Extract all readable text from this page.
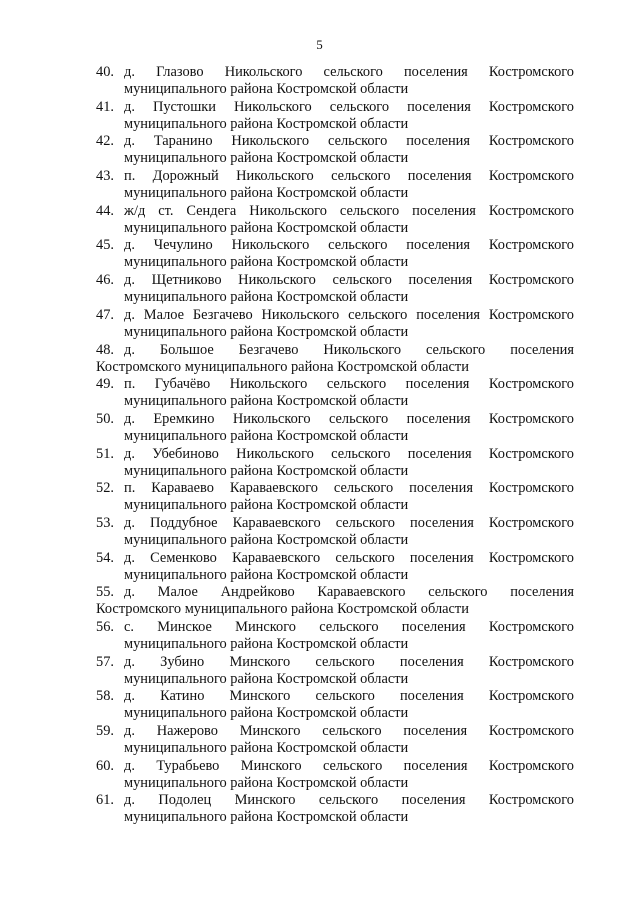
5
40. д. Глазово Никольского сельского поселения Костромского
муниципального района Костромской области
41. д. Пустошки Никольского сельского поселения Костромского
муниципального района Костромской области
42. д. Таранино Никольского сельского поселения Костромского
муниципального района Костромской области
43. п. Дорожный Никольского сельского поселения Костромского
муниципального района Костромской области
44. ж/д ст. Сендега Никольского сельского поселения Костромского
муниципального района Костромской области
45. д. Чечулино Никольского сельского поселения Костромского
муниципального района Костромской области
46. д. Щетниково Никольского сельского поселения Костромского
муниципального района Костромской области
47. д. Малое Безгачево Никольского сельского поселения Костромского
муниципального района Костромской области
48. д. Большое Безгачево Никольского сельского поселения
Костромского муниципального района Костромской области
49. п. Губачёво Никольского сельского поселения Костромского
муниципального района Костромской области
50. д. Еремкино Никольского сельского поселения Костромского
муниципального района Костромской области
51. д. Убебиново Никольского сельского поселения Костромского
муниципального района Костромской области
52. п. Караваево Караваевского сельского поселения Костромского
муниципального района Костромской области
53. д. Поддубное Караваевского сельского поселения Костромского
муниципального района Костромской области
54. д. Семенково Караваевского сельского поселения Костромского
муниципального района Костромской области
55. д. Малое Андрейково Караваевского сельского поселения
Костромского муниципального района Костромской области
56. с. Минское Минского сельского поселения Костромского
муниципального района Костромской области
57. д. Зубино Минского сельского поселения Костромского
муниципального района Костромской области
58. д. Катино Минского сельского поселения Костромского
муниципального района Костромской области
59. д. Нажерово Минского сельского поселения Костромского
муниципального района Костромской области
60. д. Турабьево Минского сельского поселения Костромского
муниципального района Костромской области
61. д. Подолец Минского сельского поселения Костромского
муниципального района Костромской области
